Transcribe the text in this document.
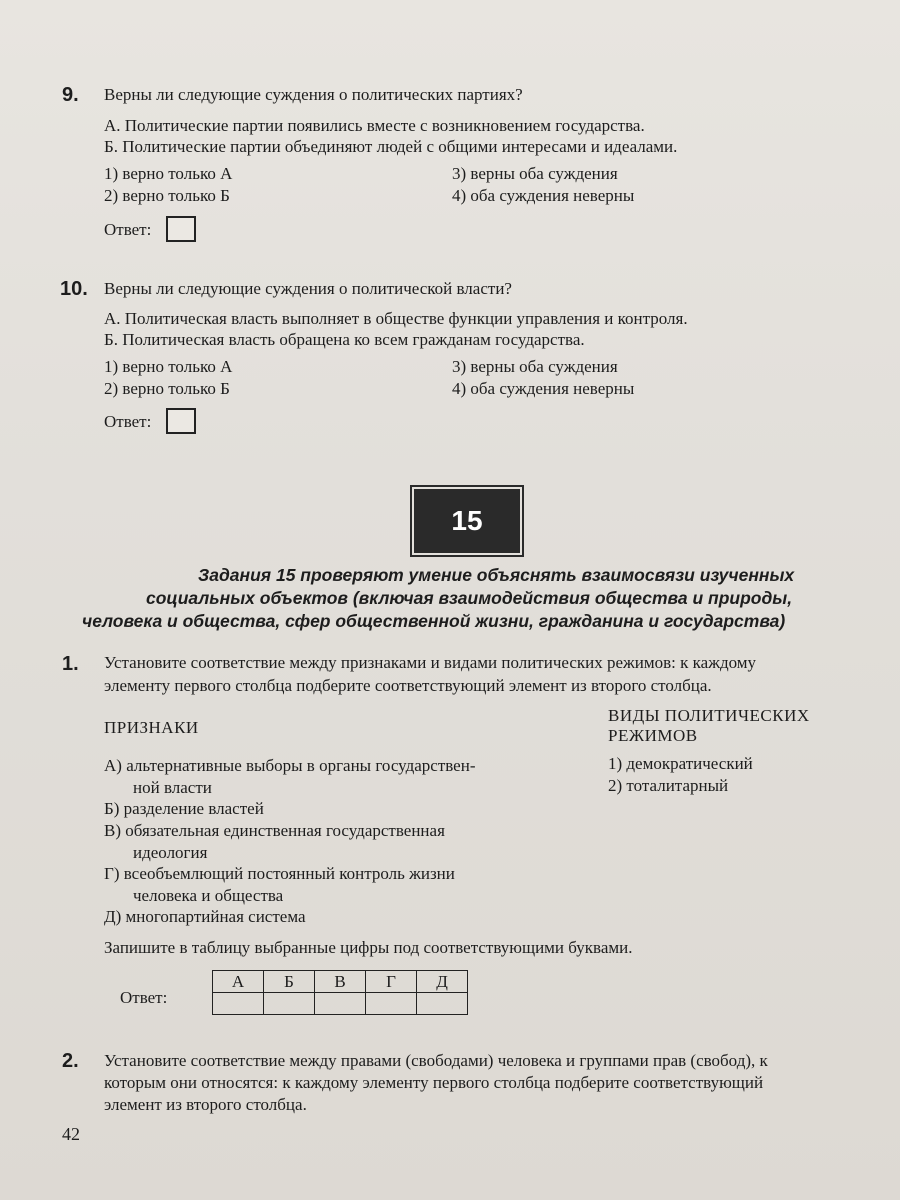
9. Верны ли следующие суждения о политических партиях?
А. Политические партии появились вместе с возникновением государства.
Б. Политические партии объединяют людей с общими интересами и идеалами.
1) верно только А
2) верно только Б
3) верны оба суждения
4) оба суждения неверны
Ответ:
10. Верны ли следующие суждения о политической власти?
А. Политическая власть выполняет в обществе функции управления и контроля.
Б. Политическая власть обращена ко всем гражданам государства.
1) верно только А
2) верно только Б
3) верны оба суждения
4) оба суждения неверны
Ответ:
15
Задания 15 проверяют умение объяснять взаимосвязи изученных
социальных объектов (включая взаимодействия общества и природы,
человека и общества, сфер общественной жизни, гражданина и государства)
1. Установите соответствие между признаками и видами политических режимов: к каждому
элементу первого столбца подберите соответствующий элемент из второго столбца.
ПРИЗНАКИ
ВИДЫ ПОЛИТИЧЕСКИХ
РЕЖИМОВ
А) альтернативные выборы в органы государствен-
ной власти
Б) разделение властей
В) обязательная единственная государственная
идеология
Г) всеобъемлющий постоянный контроль жизни
человека и общества
Д) многопартийная система
1) демократический
2) тоталитарный
Запишите в таблицу выбранные цифры под соответствующими буквами.
Ответ:
А	Б	В	Г	Д

2. Установите соответствие между правами (свободами) человека и группами прав (свобод), к
которым они относятся: к каждому элементу первого столбца подберите соответствующий
элемент из второго столбца.
42
